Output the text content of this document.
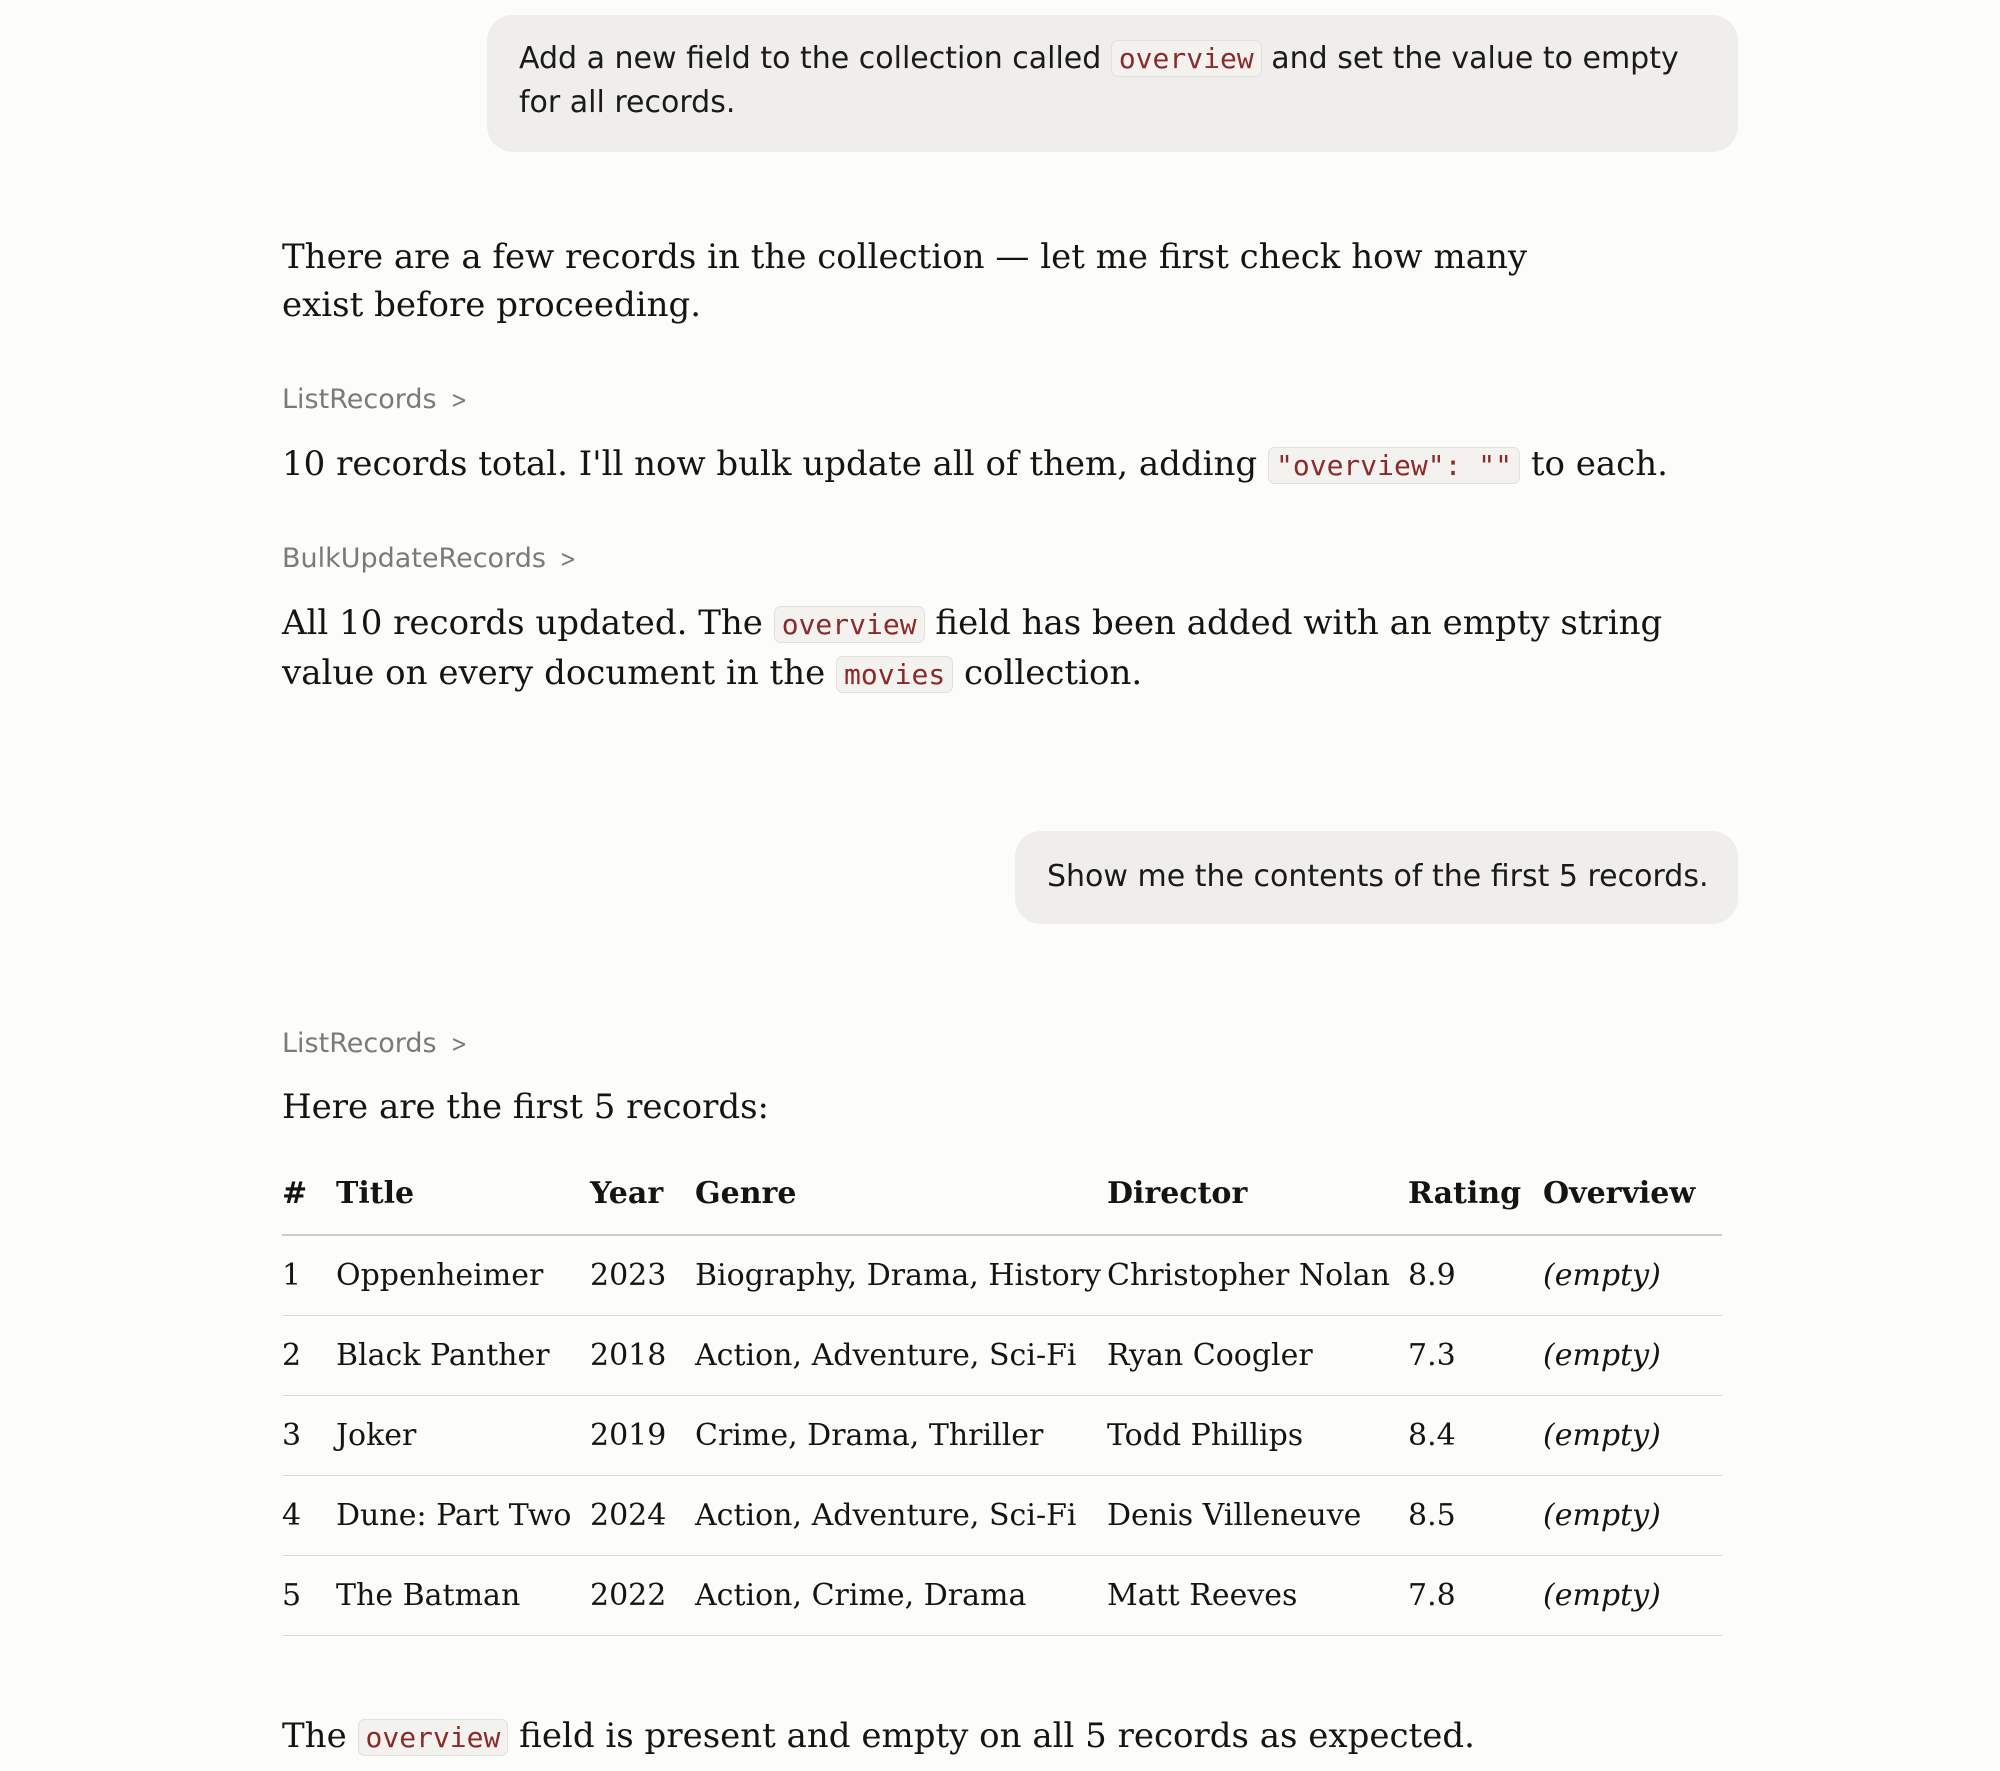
Add a new field to the collection called overview and set the value to empty for all records.
There are a few records in the collection — let me first check how many exist before proceeding.
ListRecords >
10 records total. I'll now bulk update all of them, adding "overview": "" to each.
BulkUpdateRecords >
All 10 records updated. The overview field has been added with an empty string value on every document in the movies collection.
Show me the contents of the first 5 records.
ListRecords >
Here are the first 5 records:
#	Title	Year	Genre	Director	Rating	Overview
1	Oppenheimer	2023	Biography, Drama, History	Christopher Nolan	8.9	(empty)
2	Black Panther	2018	Action, Adventure, Sci-Fi	Ryan Coogler	7.3	(empty)
3	Joker	2019	Crime, Drama, Thriller	Todd Phillips	8.4	(empty)
4	Dune: Part Two	2024	Action, Adventure, Sci-Fi	Denis Villeneuve	8.5	(empty)
5	The Batman	2022	Action, Crime, Drama	Matt Reeves	7.8	(empty)
The overview field is present and empty on all 5 records as expected.
